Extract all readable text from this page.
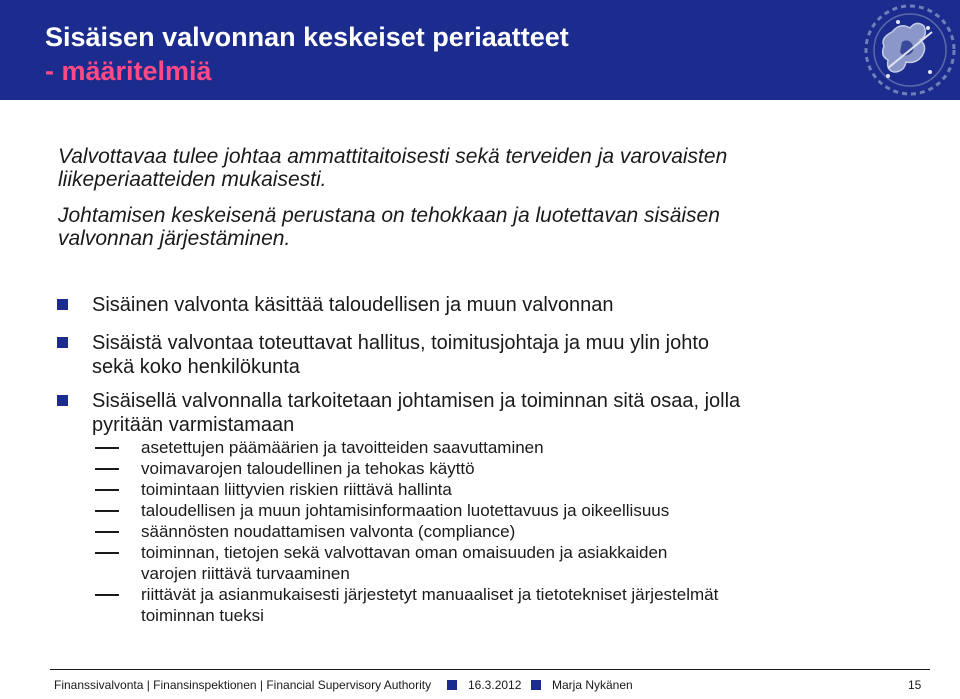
Sisäisen valvonnan keskeiset periaatteet
- määritelmiä
Valvottavaa tulee johtaa ammattitaitoisesti sekä terveiden ja varovaisten
liikeperiaatteiden mukaisesti.
Johtamisen keskeisenä perustana on tehokkaan ja luotettavan sisäisen
valvonnan järjestäminen.
Sisäinen valvonta käsittää taloudellisen ja muun valvonnan
Sisäistä valvontaa toteuttavat hallitus, toimitusjohtaja ja muu ylin johto
sekä koko henkilökunta
Sisäisellä valvonnalla tarkoitetaan johtamisen ja toiminnan sitä osaa, jolla
pyritään varmistamaan
asetettujen päämäärien ja tavoitteiden saavuttaminen
voimavarojen taloudellinen ja tehokas käyttö
toimintaan liittyvien riskien riittävä hallinta
taloudellisen ja muun johtamisinformaation luotettavuus ja oikeellisuus
säännösten noudattamisen valvonta (compliance)
toiminnan, tietojen sekä valvottavan oman omaisuuden ja asiakkaiden
varojen riittävä turvaaminen
riittävät ja asianmukaisesti järjestetyt manuaaliset ja tietotekniset järjestelmät
toiminnan tueksi
Finanssivalvonta | Finansinspektionen | Financial Supervisory Authority	16.3.2012	Marja Nykänen	15
